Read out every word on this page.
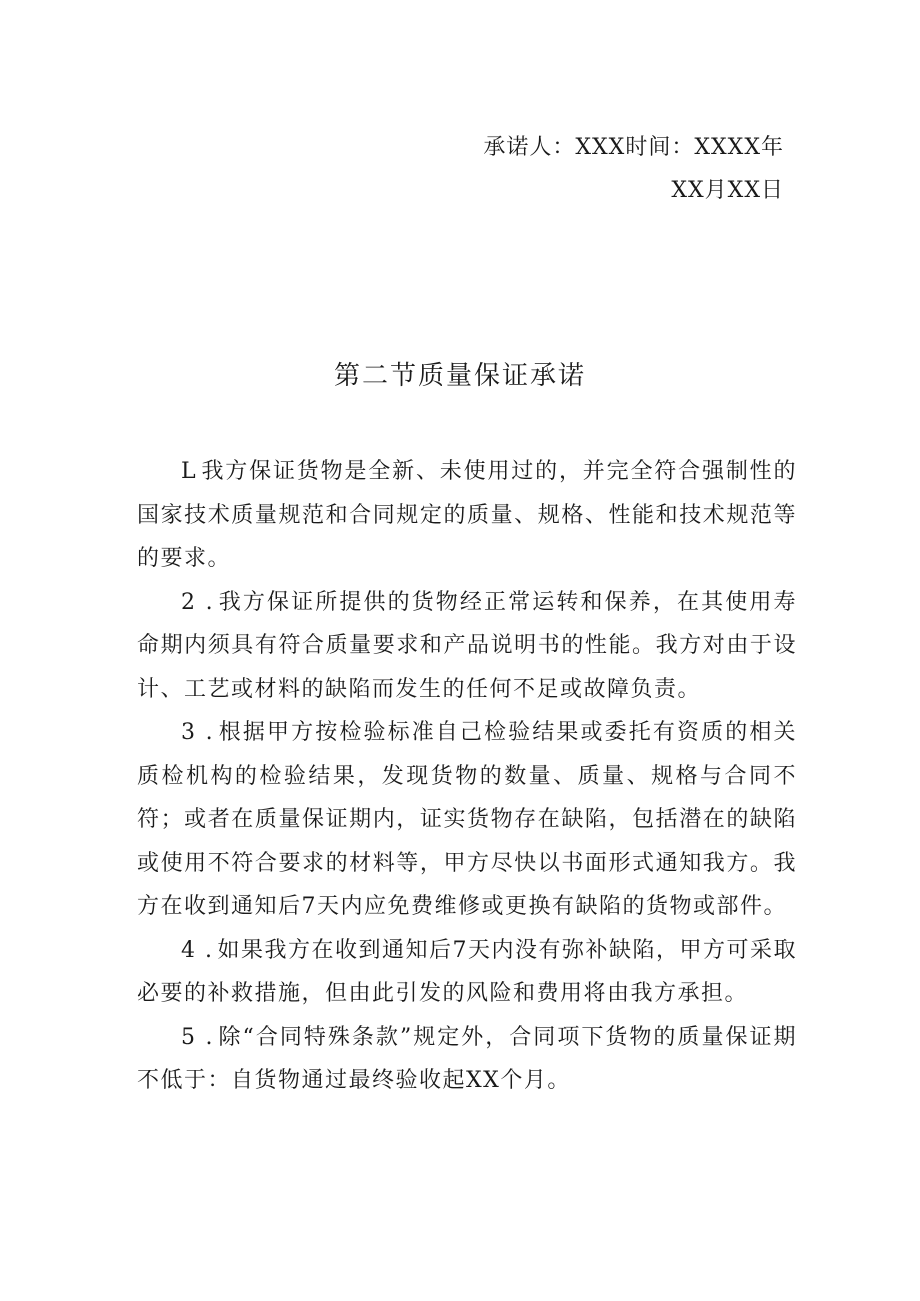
承诺人：XXX时间：XXXX年
XX月XX日
第二节质量保证承诺

L 我方保证货物是全新、未使用过的，并完全符合强制性的国家技术质量规范和合同规定的质量、规格、性能和技术规范等的要求。

2 . 我方保证所提供的货物经正常运转和保养，在其使用寿命期内须具有符合质量要求和产品说明书的性能。我方对由于设计、工艺或材料的缺陷而发生的任何不足或故障负责。

3 . 根据甲方按检验标准自己检验结果或委托有资质的相关质检机构的检验结果，发现货物的数量、质量、规格与合同不符；或者在质量保证期内，证实货物存在缺陷，包括潜在的缺陷或使用不符合要求的材料等，甲方尽快以书面形式通知我方。我方在收到通知后7天内应免费维修或更换有缺陷的货物或部件。

4 . 如果我方在收到通知后7天内没有弥补缺陷，甲方可采取必要的补救措施，但由此引发的风险和费用将由我方承担。

5 . 除“合同特殊条款”规定外，合同项下货物的质量保证期不低于：自货物通过最终验收起XX个月。
